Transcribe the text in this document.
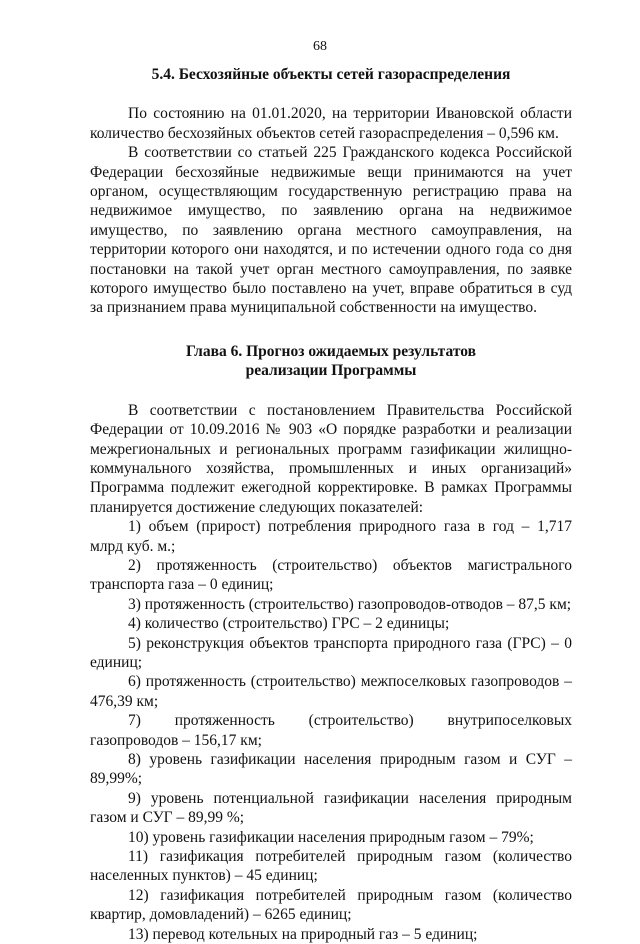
68
5.4. Бесхозяйные объекты сетей газораспределения

По состоянию на 01.01.2020, на территории Ивановской области количество бесхозяйных объектов сетей газораспределения – 0,596 км.

В соответствии со статьей 225 Гражданского кодекса Российской Федерации бесхозяйные недвижимые вещи принимаются на учет органом, осуществляющим государственную регистрацию права на недвижимое имущество, по заявлению органа на недвижимое имущество, по заявлению органа местного самоуправления, на территории которого они находятся, и по истечении одного года со дня постановки на такой учет орган местного самоуправления, по заявке которого имущество было поставлено на учет, вправе обратиться в суд за признанием права муниципальной собственности на имущество.

Глава 6. Прогноз ожидаемых результатов
реализации Программы

В соответствии с постановлением Правительства Российской Федерации от 10.09.2016 № 903 «О порядке разработки и реализации межрегиональных и региональных программ газификации жилищно-коммунального хозяйства, промышленных и иных организаций» Программа подлежит ежегодной корректировке. В рамках Программы планируется достижение следующих показателей:

1) объем (прирост) потребления природного газа в год – 1,717 млрд куб. м.;

2) протяженность (строительство) объектов магистрального транспорта газа – 0 единиц;

3) протяженность (строительство) газопроводов-отводов – 87,5 км;

4) количество (строительство) ГРС – 2 единицы;

5) реконструкция объектов транспорта природного газа (ГРС) – 0 единиц;

6) протяженность (строительство) межпоселковых газопроводов – 476,39 км;

7) протяженность (строительство) внутрипоселковых газопроводов – 156,17 км;

8) уровень газификации населения природным газом и СУГ – 89,99%;

9) уровень потенциальной газификации населения природным газом и СУГ – 89,99 %;

10) уровень газификации населения природным газом – 79%;

11) газификация потребителей природным газом (количество населенных пунктов) – 45 единиц;

12) газификация потребителей природным газом (количество квартир, домовладений) – 6265 единиц;

13) перевод котельных на природный газ – 5 единиц;
